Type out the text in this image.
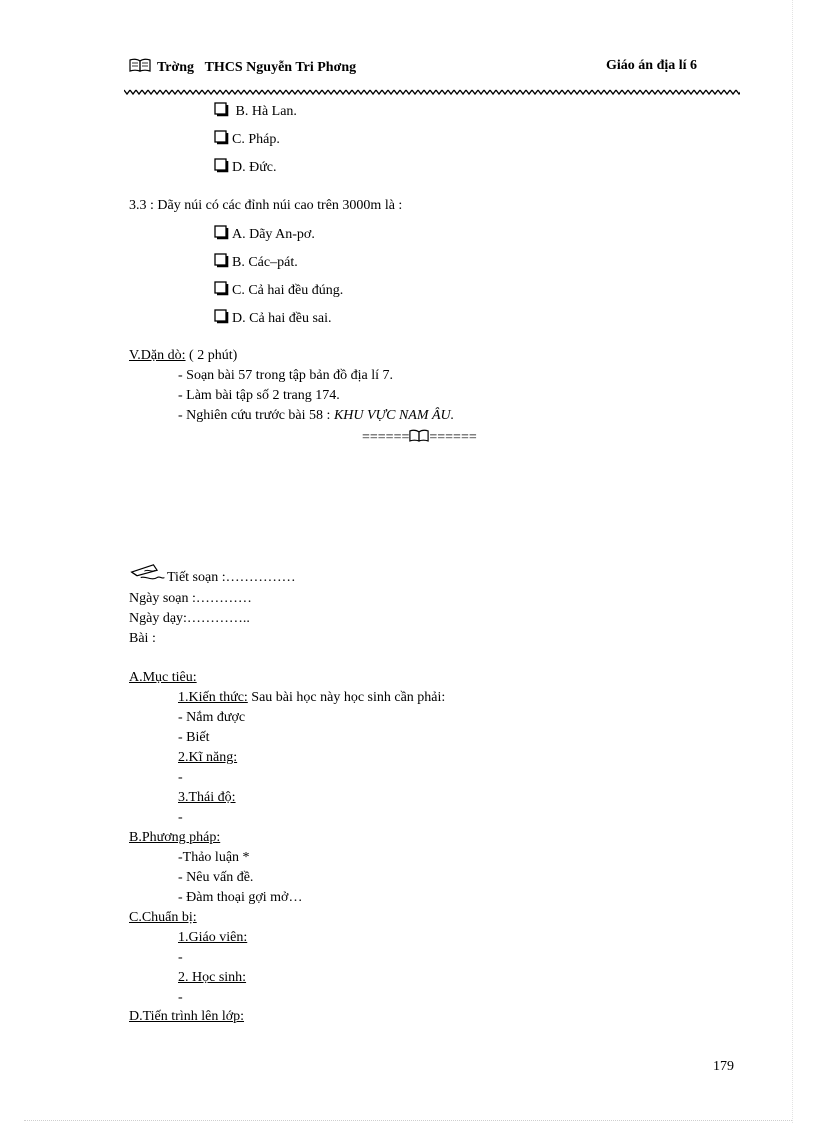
Trờng THCS Nguyễn Tri Phơng	Giáo án địa lí 6
B. Hà Lan.
C. Pháp.
D. Đức.
3.3 : Dãy núi có các đỉnh núi cao trên 3000m là :
A. Dãy An-pơ.
B. Các–pát.
C. Cả hai đều đúng.
D. Cả hai đều sai.
V.Dặn dò: ( 2 phút)
- Soạn bài 57 trong tập bản đồ địa lí 7.
- Làm bài tập số 2 trang 174.
- Nghiên cứu trước bài 58 : KHU VỰC NAM ÂU.
====== ======
Tiết soạn :……………
Ngày soạn :…………
Ngày dạy:…………..
Bài :
A.Mục tiêu:
1.Kiến thức: Sau bài học này học sinh cần phải:
- Nắm được
- Biết
2.Kĩ năng:
-
3.Thái độ:
-
B.Phương pháp:
-Thảo luận *
- Nêu vấn đề.
- Đàm thoại gợi mở…
C.Chuẩn bị:
1.Giáo viên:
-
2. Học sinh:
-
D.Tiến trình lên lớp:
179
